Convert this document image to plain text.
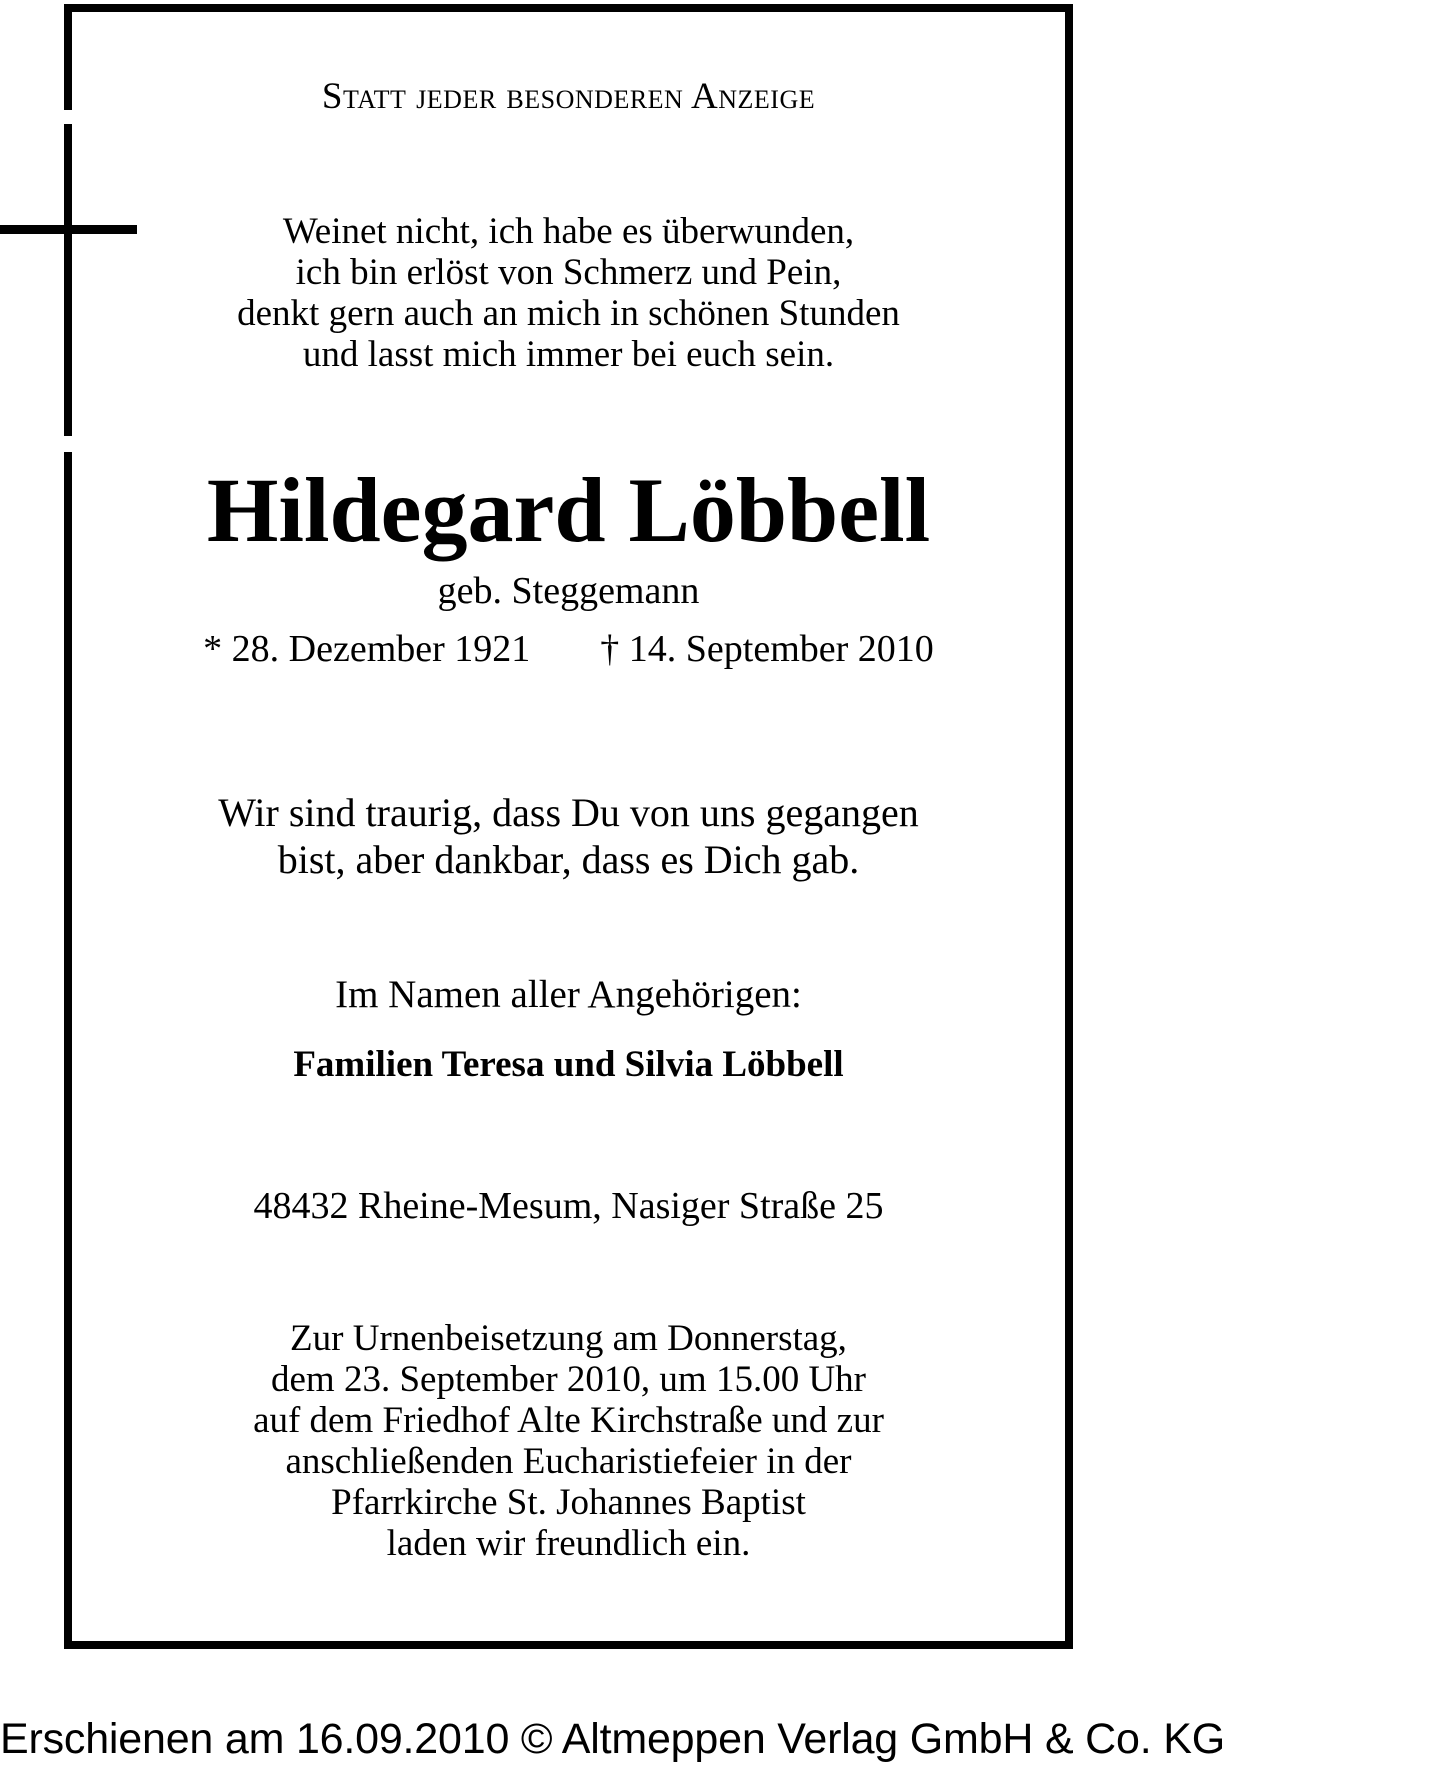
Statt jeder besonderen Anzeige
Weinet nicht, ich habe es überwunden,
ich bin erlöst von Schmerz und Pein,
denkt gern auch an mich in schönen Stunden
und lasst mich immer bei euch sein.
Hildegard Löbbell
geb. Steggemann
* 28. Dezember 1921 † 14. September 2010
Wir sind traurig, dass Du von uns gegangen
bist, aber dankbar, dass es Dich gab.
Im Namen aller Angehörigen:
Familien Teresa und Silvia Löbbell
48432 Rheine-Mesum, Nasiger Straße 25
Zur Urnenbeisetzung am Donnerstag,
dem 23. September 2010, um 15.00 Uhr
auf dem Friedhof Alte Kirchstraße und zur
anschließenden Eucharistiefeier in der
Pfarrkirche St. Johannes Baptist
laden wir freundlich ein.
Erschienen am 16.09.2010 © Altmeppen Verlag GmbH & Co. KG
